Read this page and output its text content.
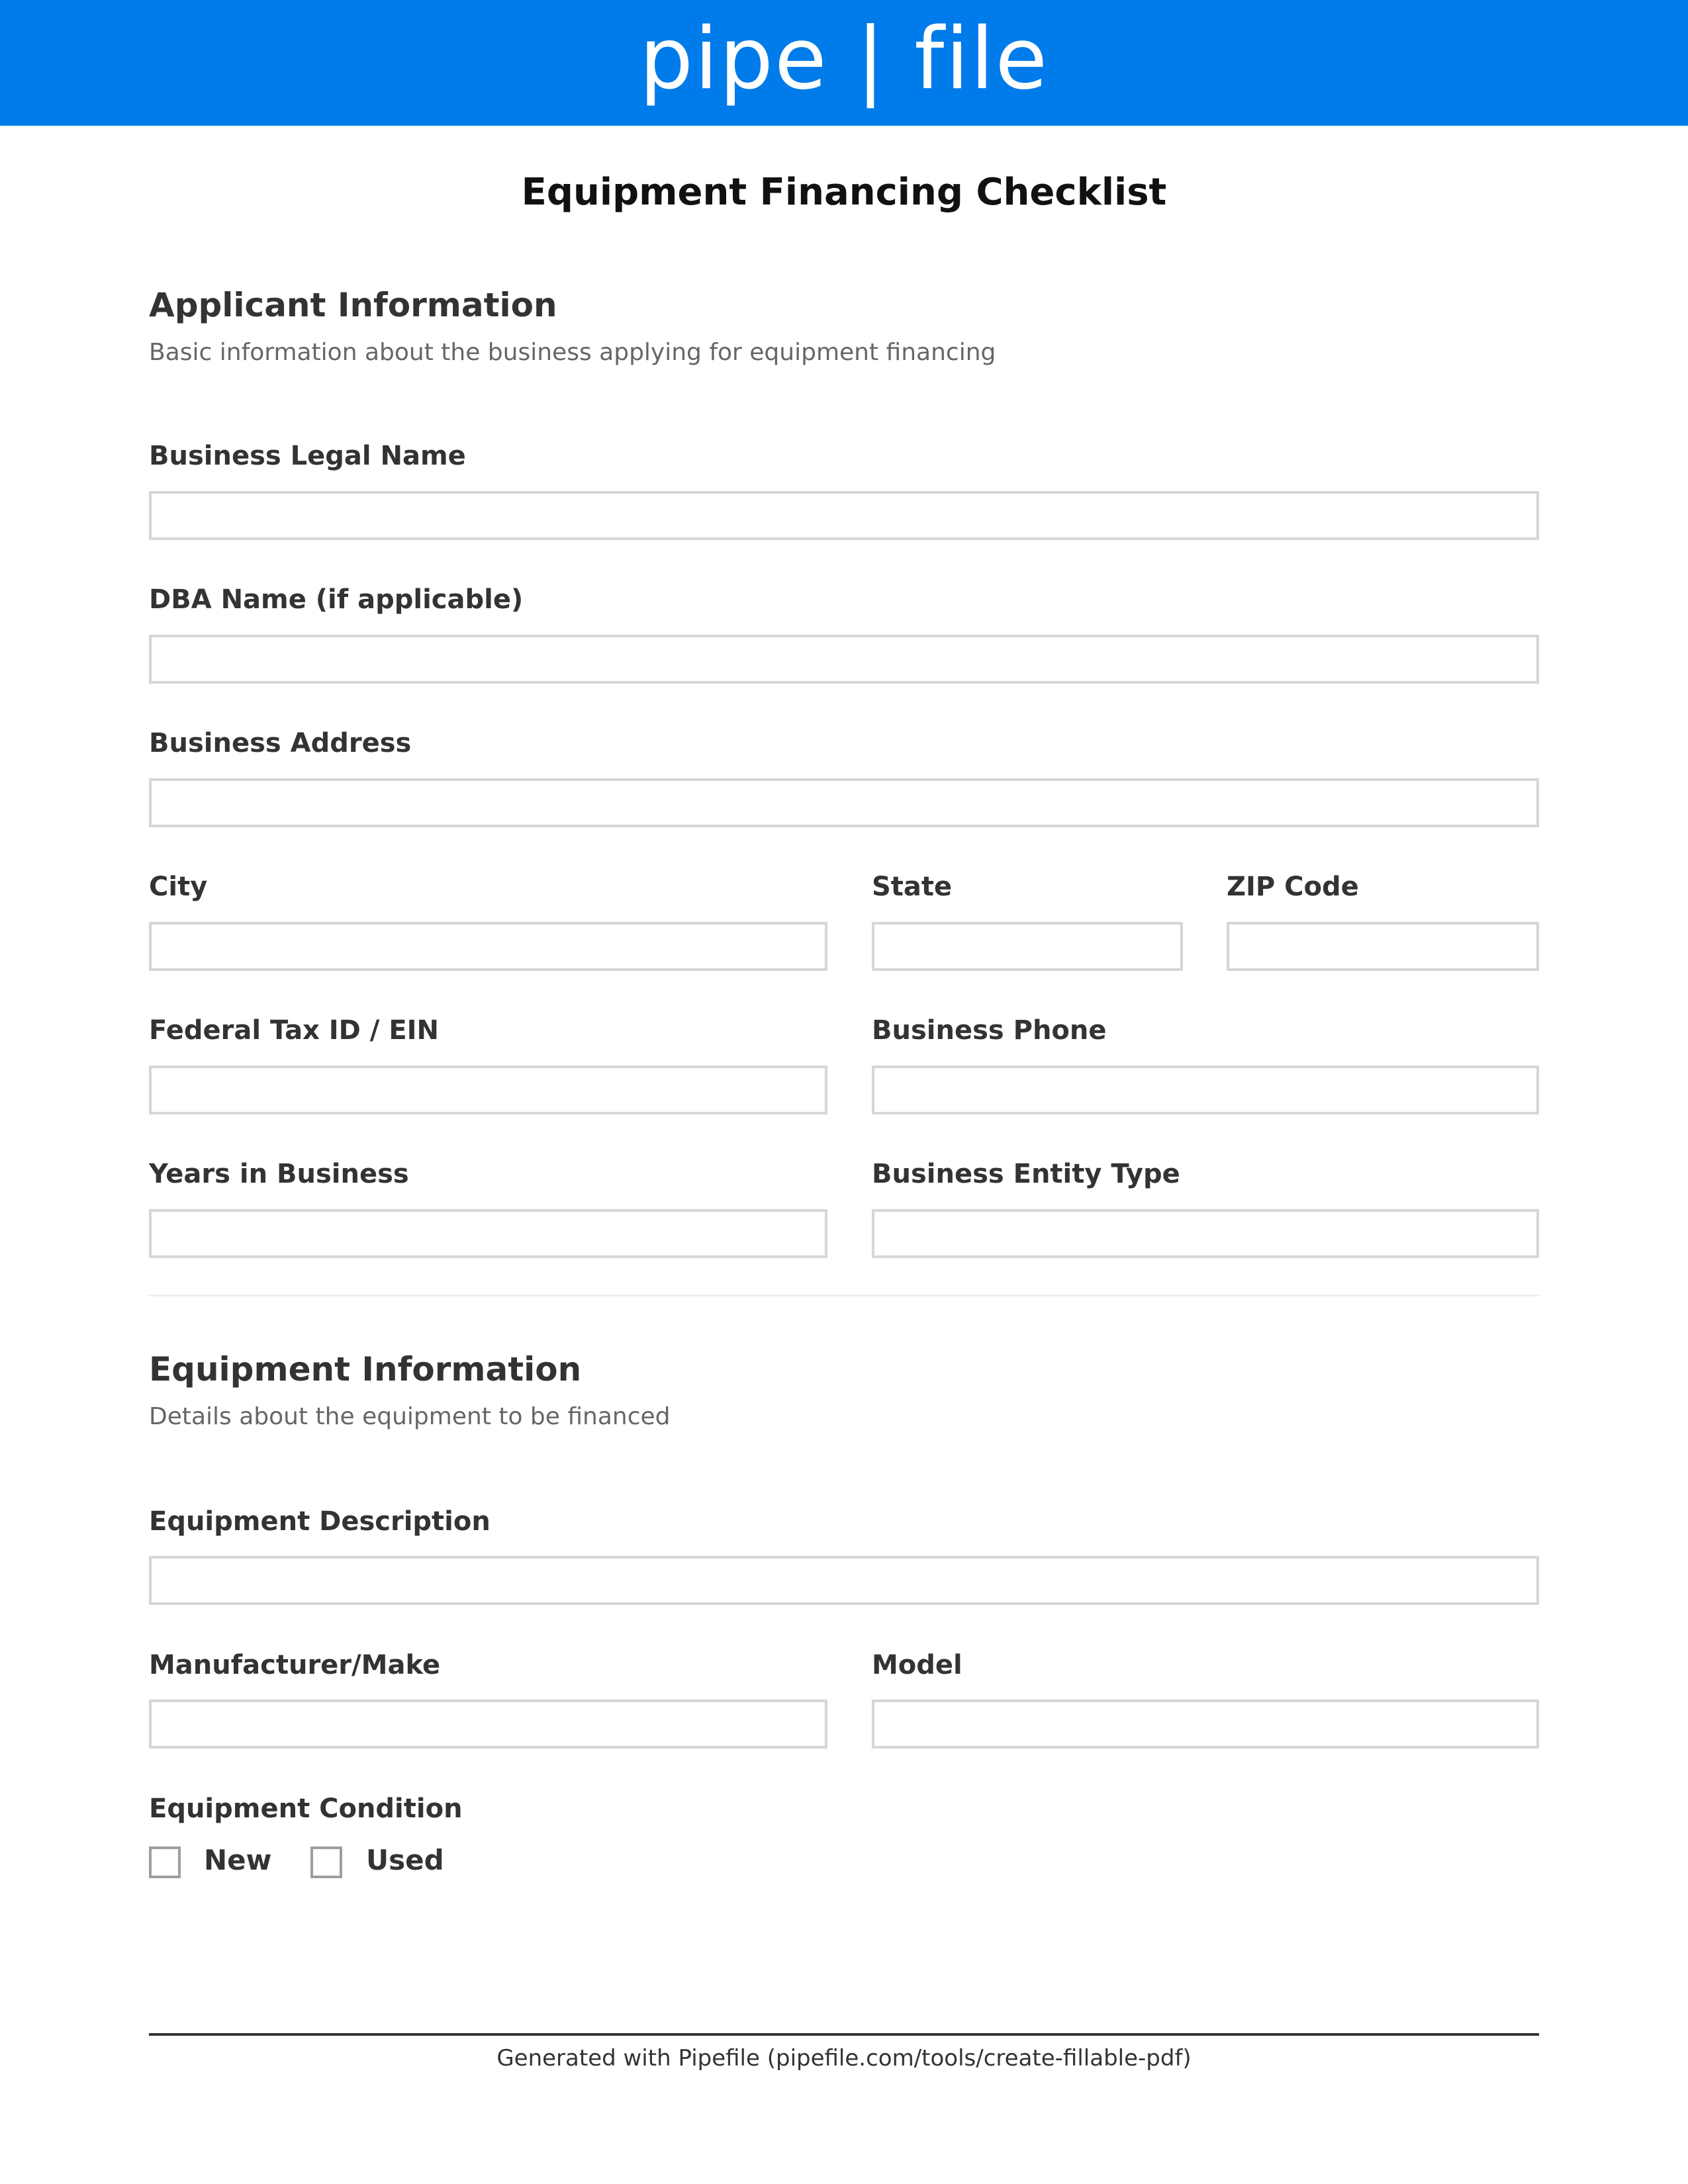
pipe | file
Equipment Financing Checklist
Applicant Information
Basic information about the business applying for equipment financing
Business Legal Name
DBA Name (if applicable)
Business Address
City	State	ZIP Code
Federal Tax ID / EIN	Business Phone
Years in Business	Business Entity Type
Equipment Information
Details about the equipment to be financed
Equipment Description
Manufacturer/Make	Model
Equipment Condition
New	Used
Generated with Pipefile (pipefile.com/tools/create-fillable-pdf)
